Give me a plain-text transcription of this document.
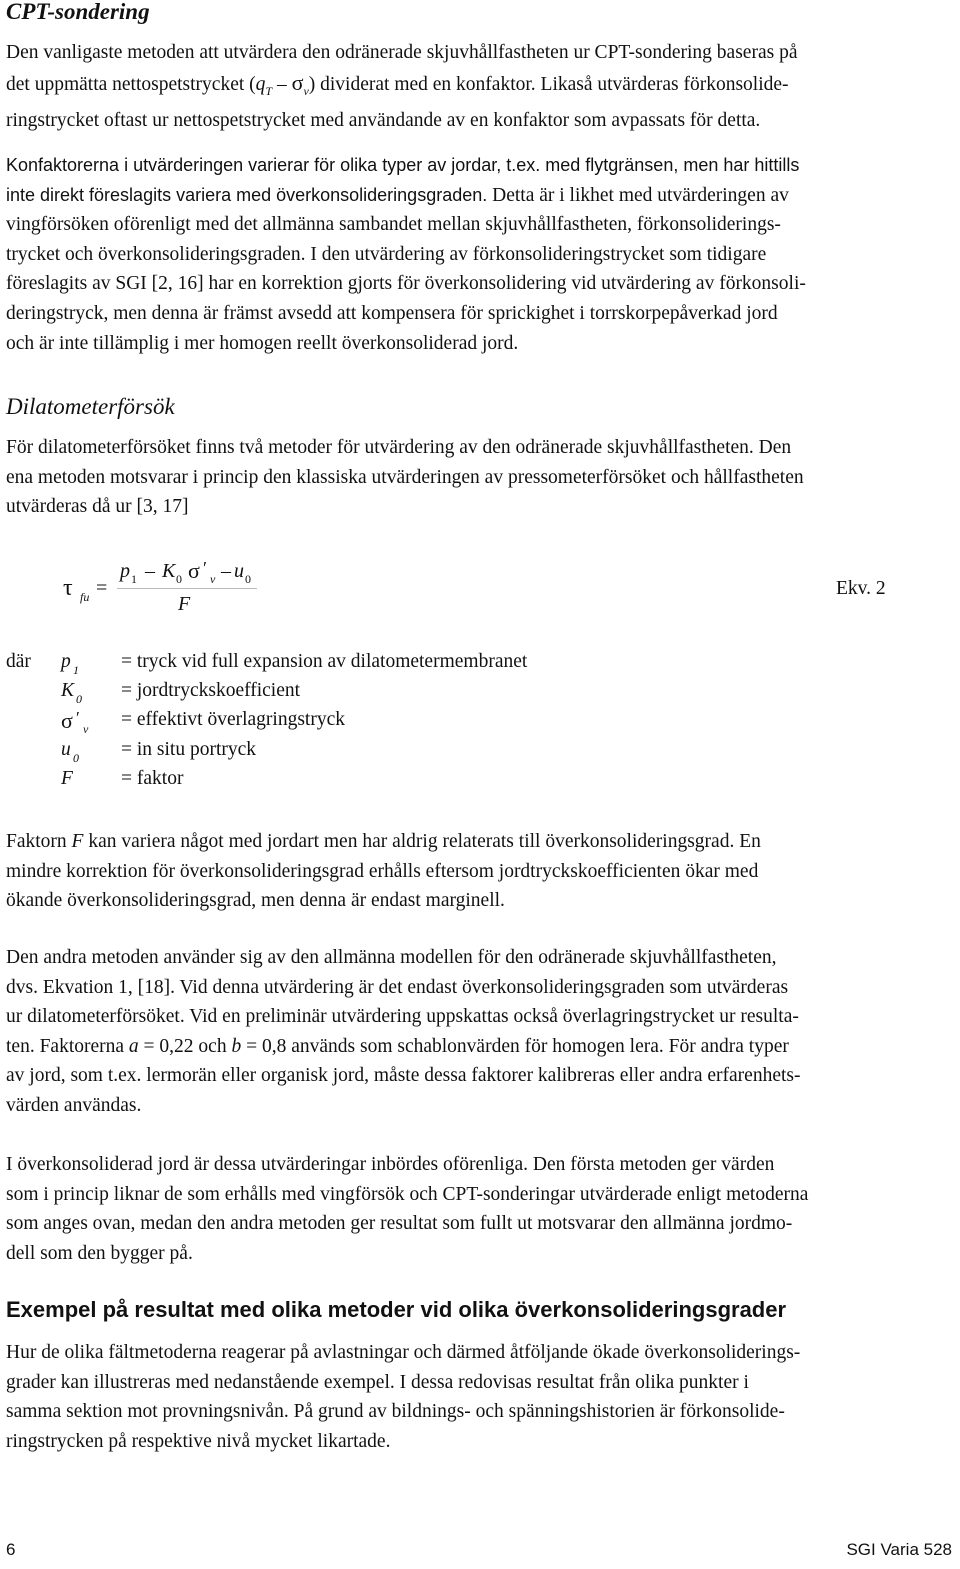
CPT-sondering

Den vanligaste metoden att utvärdera den odränerade skjuvhållfastheten ur CPT-sondering baseras på
det uppmätta nettospetstrycket $(q_T - \sigma_v)$ dividerat med en konfaktor. Likaså utvärderas förkonsolide-
ringstrycket oftast ur nettospetstrycket med användande av en konfaktor som avpassats för detta.

Konfaktorerna i utvärderingen varierar för olika typer av jordar, t.ex. med flytgränsen, men har hittills
inte direkt föreslagits variera med överkonsolideringsgraden. Detta är i likhet med utvärderingen av
vingförsöken oförenligt med det allmänna sambandet mellan skjuvhållfastheten, förkonsoliderings-
trycket och överkonsolideringsgraden. I den utvärdering av förkonsolideringstrycket som tidigare
föreslagits av SGI [2, 16] har en korrektion gjorts för överkonsolidering vid utvärdering av förkonsoli-
deringstryck, men denna är främst avsedd att kompensera för sprickighet i torrskorpepåverkad jord
och är inte tillämplig i mer homogen reellt överkonsoliderad jord.

Dilatometerförsök

För dilatometerförsöket finns två metoder för utvärdering av den odränerade skjuvhållfastheten. Den
ena metoden motsvarar i princip den klassiska utvärderingen av pressometerförsöket och hållfastheten
utvärderas då ur [3, 17]

τ fu =
p 1 – K 0 σ ′
v – u 0
F
Ekv. 2
där p 1 = tryck vid full expansion av dilatometermembranet
K 0 = jordtryckskoefficient
σ ′
v = effektivt överlagringstryck
u 0 = in situ portryck
F = faktor

Faktorn F kan variera något med jordart men har aldrig relaterats till överkonsolideringsgrad. En
mindre korrektion för överkonsolideringsgrad erhålls eftersom jordtryckskoefficienten ökar med
ökande överkonsolideringsgrad, men denna är endast marginell.

Den andra metoden använder sig av den allmänna modellen för den odränerade skjuvhållfastheten,
dvs. Ekvation 1, [18]. Vid denna utvärdering är det endast överkonsolideringsgraden som utvärderas
ur dilatometerförsöket. Vid en preliminär utvärdering uppskattas också överlagringstrycket ur resulta-
ten. Faktorerna a = 0,22 och b = 0,8 används som schablonvärden för homogen lera. För andra typer
av jord, som t.ex. lermorän eller organisk jord, måste dessa faktorer kalibreras eller andra erfarenhets-
värden användas.

I överkonsoliderad jord är dessa utvärderingar inbördes oförenliga. Den första metoden ger värden
som i princip liknar de som erhålls med vingförsök och CPT-sonderingar utvärderade enligt metoderna
som anges ovan, medan den andra metoden ger resultat som fullt ut motsvarar den allmänna jordmo-
dell som den bygger på.

Exempel på resultat med olika metoder vid olika överkonsolideringsgrader

Hur de olika fältmetoderna reagerar på avlastningar och därmed åtföljande ökade överkonsoliderings-
grader kan illustreras med nedanstående exempel. I dessa redovisas resultat från olika punkter i
samma sektion mot provningsnivån. På grund av bildnings- och spänningshistorien är förkonsolide-
ringstrycken på respektive nivå mycket likartade.

6	SGI Varia 528
